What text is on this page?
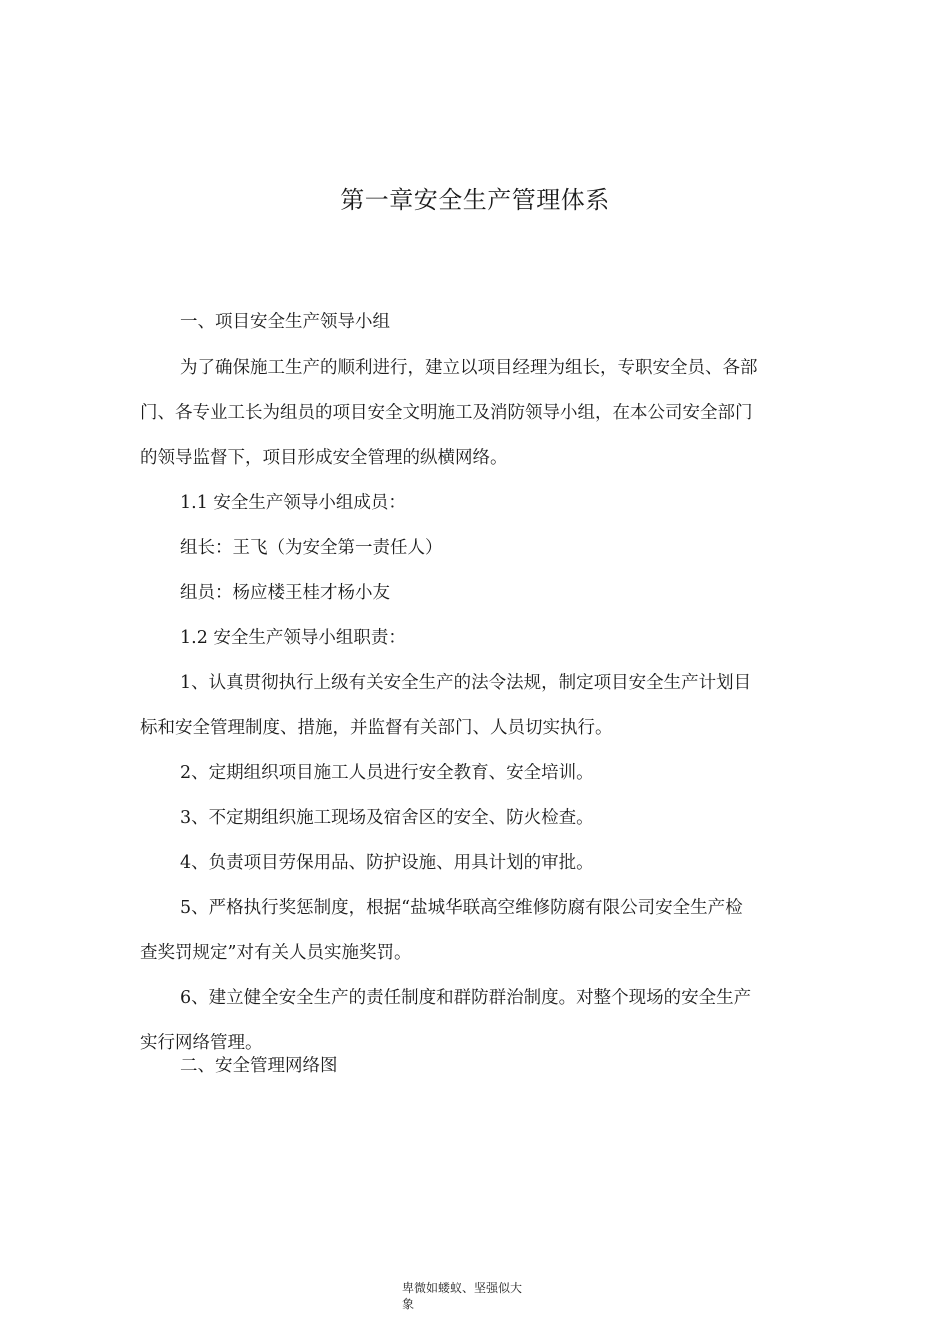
第一章安全生产管理体系
一、项目安全生产领导小组
为了确保施工生产的顺利进行，建立以项目经理为组长，专职安全员、各部
门、各专业工长为组员的项目安全文明施工及消防领导小组，在本公司安全部门
的领导监督下，项目形成安全管理的纵横网络。
1.1 安全生产领导小组成员：
组长：王飞（为安全第一责任人）
组员：杨应楼王桂才杨小友
1.2 安全生产领导小组职责：
1、认真贯彻执行上级有关安全生产的法令法规，制定项目安全生产计划目
标和安全管理制度、措施，并监督有关部门、人员切实执行。
2、定期组织项目施工人员进行安全教育、安全培训。
3、不定期组织施工现场及宿舍区的安全、防火检查。
4、负责项目劳保用品、防护设施、用具计划的审批。
5、严格执行奖惩制度，根据“盐城华联高空维修防腐有限公司安全生产检
查奖罚规定”对有关人员实施奖罚。
6、建立健全安全生产的责任制度和群防群治制度。对整个现场的安全生产
实行网络管理。
二、安全管理网络图
卑微如蝼蚁、坚强似大
象
